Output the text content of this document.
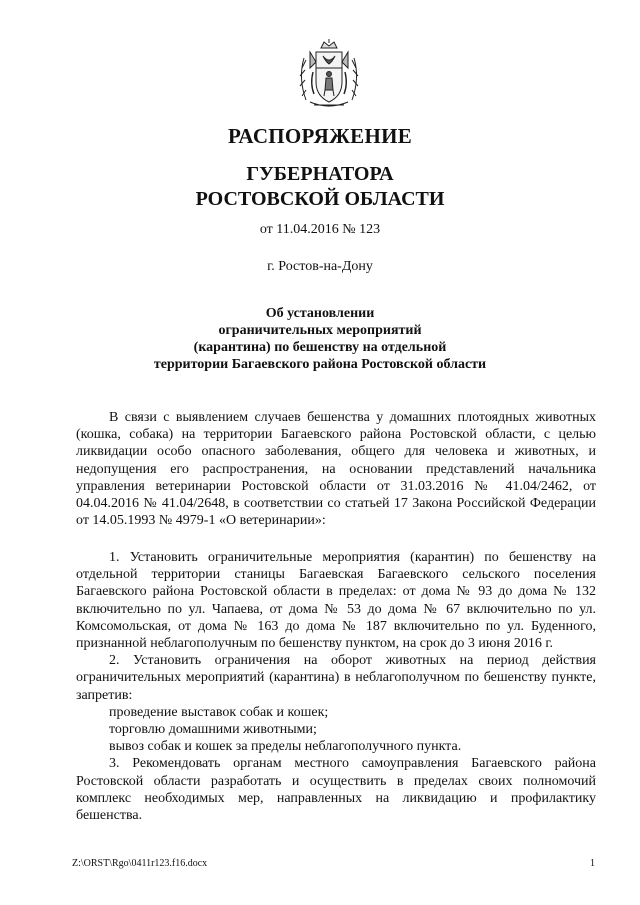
РАСПОРЯЖЕНИЕ
ГУБЕРНАТОРА
РОСТОВСКОЙ ОБЛАСТИ
от 11.04.2016 № 123
г. Ростов-на-Дону
Об установлении
ограничительных мероприятий
(карантина) по бешенству на отдельной
территории Багаевского района Ростовской области

В связи с выявлением случаев бешенства у домашних плотоядных животных (кошка, собака) на территории Багаевского района Ростовской области, с целью ликвидации особо опасного заболевания, общего для человека и животных, и недопущения его распространения, на основании представлений начальника управления ветеринарии Ростовской области от 31.03.2016 № 41.04/2462, от 04.04.2016 № 41.04/2648, в соответствии со статьей 17 Закона Российской Федерации от 14.05.1993 № 4979-1 «О ветеринарии»:

1. Установить ограничительные мероприятия (карантин) по бешенству на отдельной территории станицы Багаевская Багаевского сельского поселения Багаевского района Ростовской области в пределах: от дома № 93 до дома № 132 включительно по ул. Чапаева, от дома № 53 до дома № 67 включительно по ул. Комсомольская, от дома № 163 до дома № 187 включительно по ул. Буденного, признанной неблагополучным по бешенству пунктом, на срок до 3 июня 2016 г.

2. Установить ограничения на оборот животных на период действия ограничительных мероприятий (карантина) в неблагополучном по бешенству пункте, запретив:

проведение выставок собак и кошек;

торговлю домашними животными;

вывоз собак и кошек за пределы неблагополучного пункта.

3. Рекомендовать органам местного самоуправления Багаевского района Ростовской области разработать и осуществить в пределах своих полномочий комплекс необходимых мер, направленных на ликвидацию и профилактику бешенства.

Z:\ORST\Rgo\0411r123.f16.docx	1
